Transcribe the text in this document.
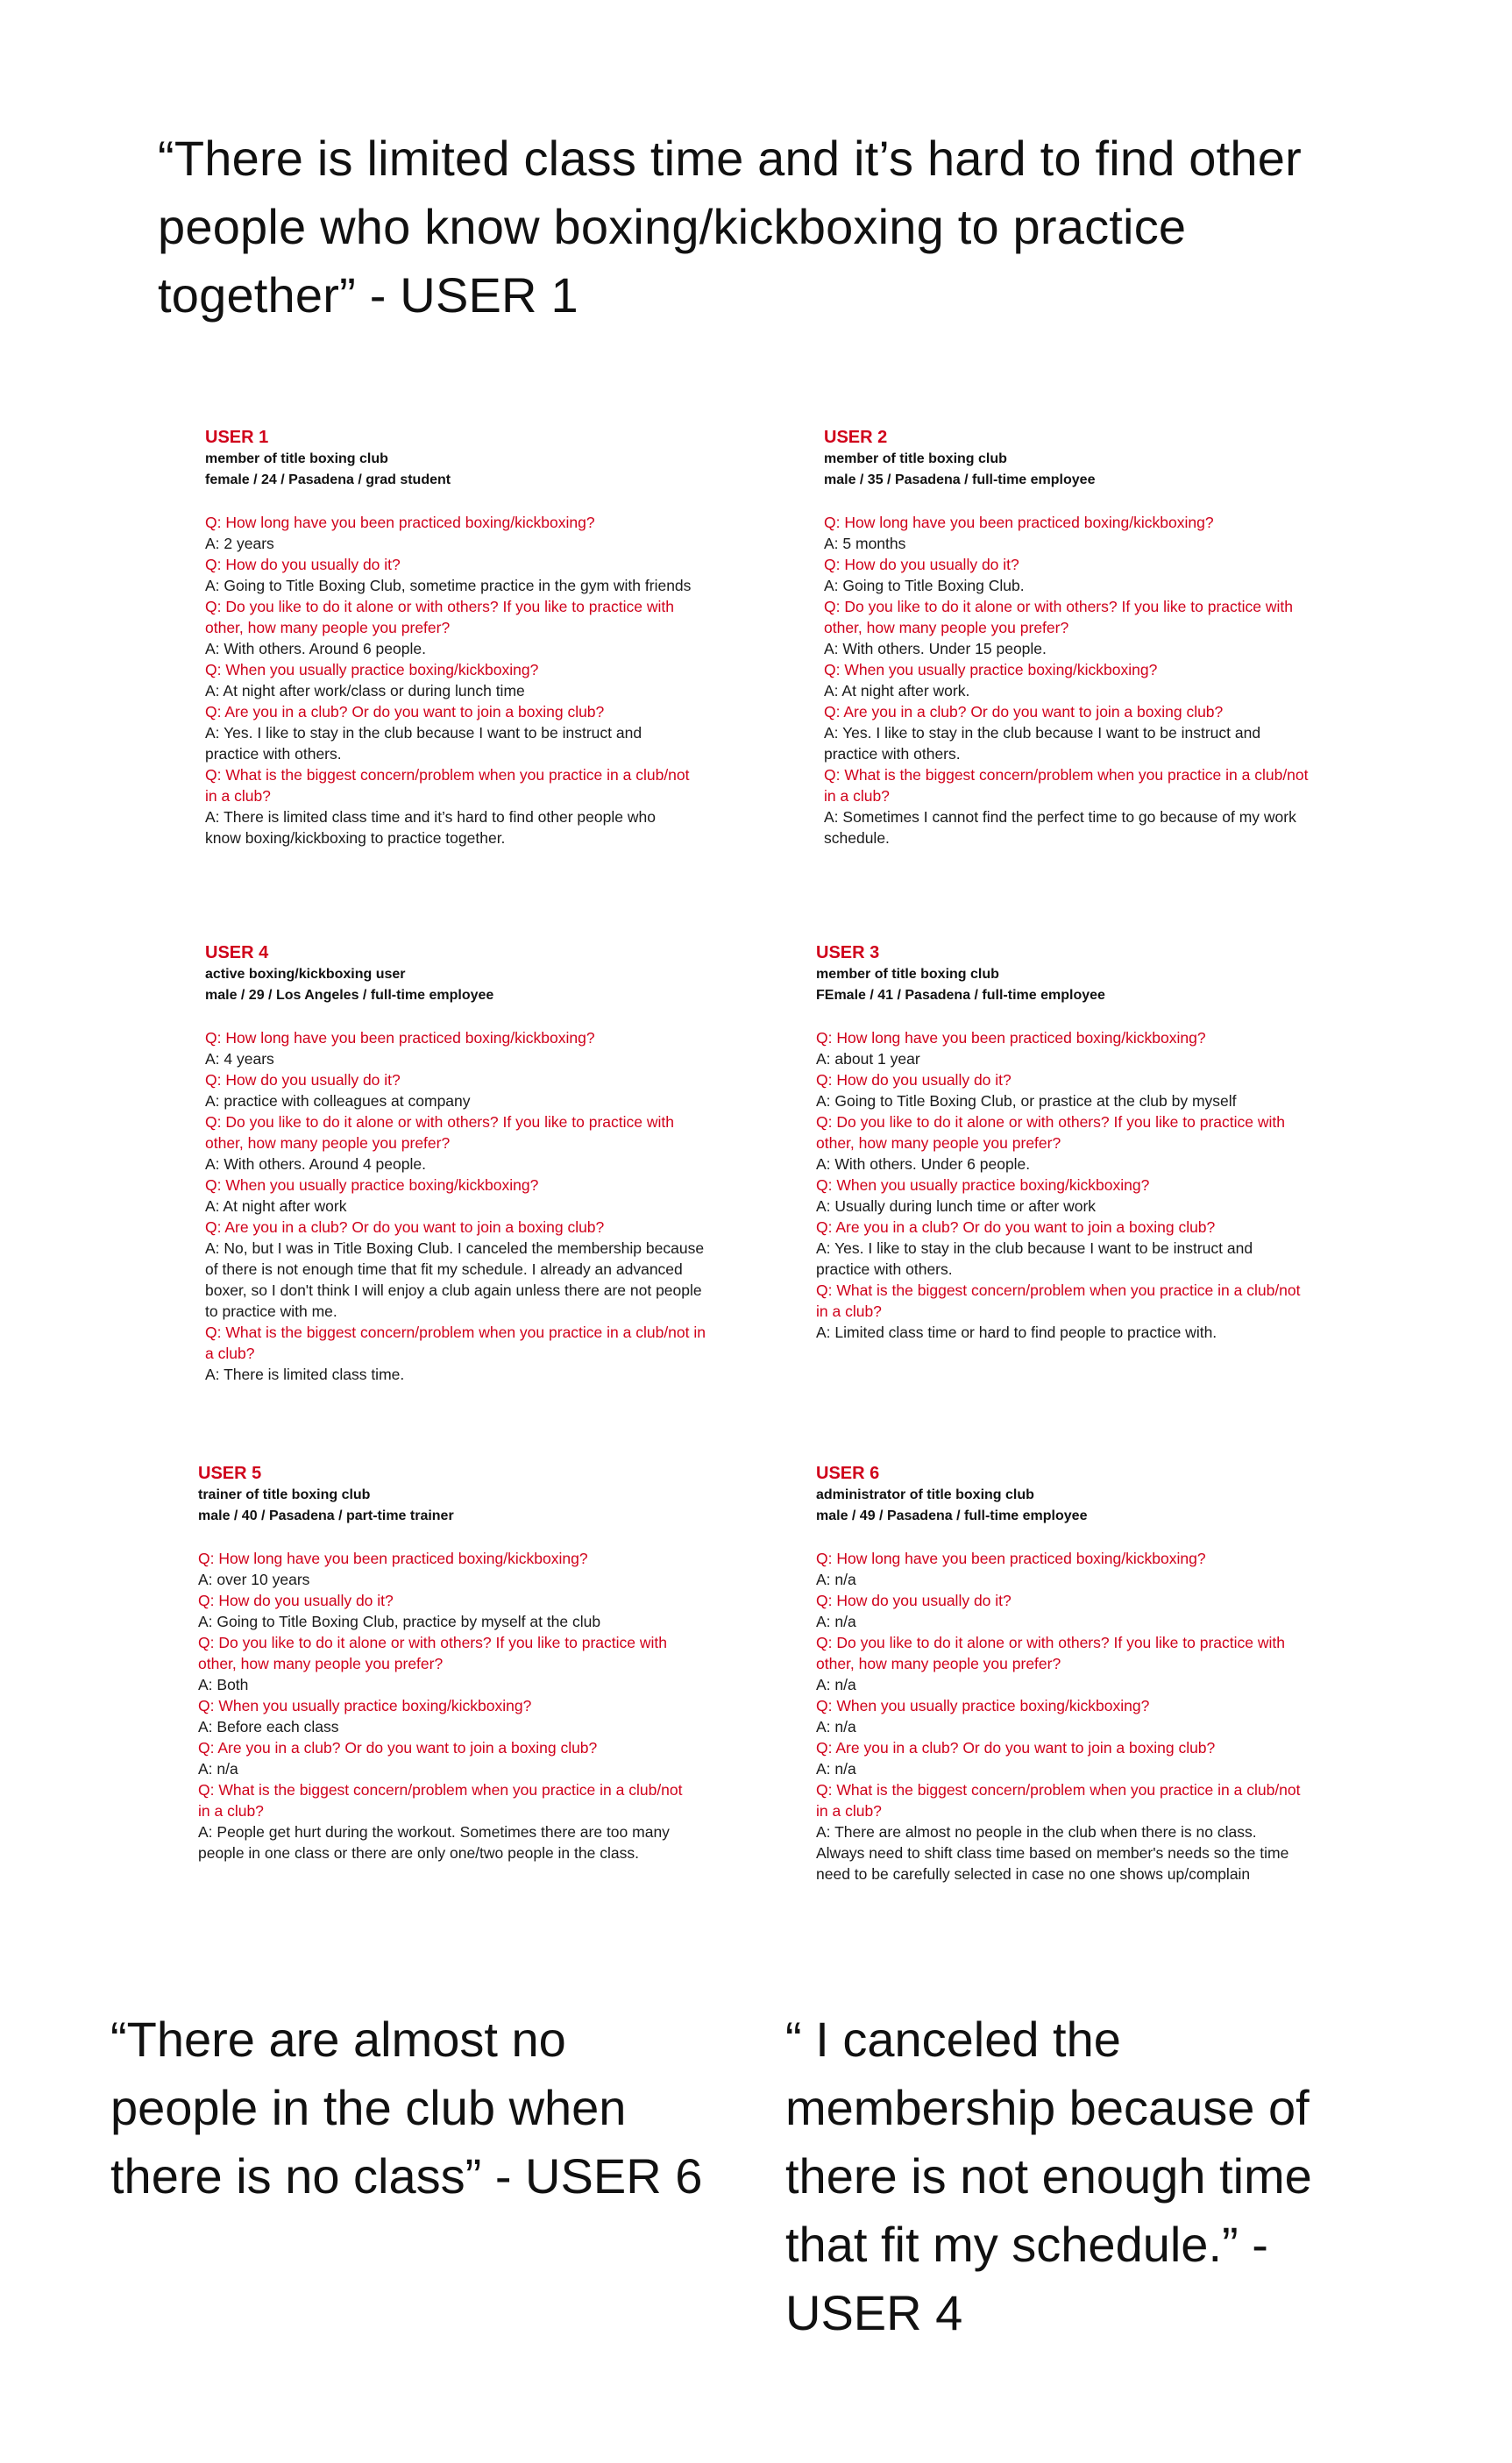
“There is limited class time and it’s hard to find other people who know boxing/kickboxing to practice together” - USER 1

USER 1
member of title boxing club
female / 24 / Pasadena / grad student
Q: How long have you been practiced boxing/kickboxing?
A: 2 years
Q: How do you usually do it?
A: Going to Title Boxing Club, sometime practice in the gym with friends
Q: Do you like to do it alone or with others? If you like to practice with other, how many people you prefer?
A: With others. Around 6 people.
Q: When you usually practice boxing/kickboxing?
A: At night after work/class or during lunch time
Q: Are you in a club? Or do you want to join a boxing club?
A: Yes. I like to stay in the club because I want to be instruct and practice with others.
Q: What is the biggest concern/problem when you practice in a club/not in a club?
A: There is limited class time and it’s hard to find other people who know boxing/kickboxing to practice together.
USER 2
member of title boxing club
male / 35 / Pasadena / full-time employee
Q: How long have you been practiced boxing/kickboxing?
A: 5 months
Q: How do you usually do it?
A: Going to Title Boxing Club.
Q: Do you like to do it alone or with others? If you like to practice with other, how many people you prefer?
A: With others. Under 15 people.
Q: When you usually practice boxing/kickboxing?
A: At night after work.
Q: Are you in a club? Or do you want to join a boxing club?
A: Yes. I like to stay in the club because I want to be instruct and practice with others.
Q: What is the biggest concern/problem when you practice in a club/not in a club?
A: Sometimes I cannot find the perfect time to go because of my work schedule.
USER 4
active boxing/kickboxing user
male / 29 / Los Angeles / full-time employee
Q: How long have you been practiced boxing/kickboxing?
A: 4 years
Q: How do you usually do it?
A: practice with colleagues at company
Q: Do you like to do it alone or with others? If you like to practice with other, how many people you prefer?
A: With others. Around 4 people.
Q: When you usually practice boxing/kickboxing?
A: At night after work
Q: Are you in a club? Or do you want to join a boxing club?
A: No, but I was in Title Boxing Club. I canceled the membership because of there is not enough time that fit my schedule. I already an advanced boxer, so I don't think I will enjoy a club again unless there are not people to practice with me.
Q: What is the biggest concern/problem when you practice in a club/not in a club?
A: There is limited class time.
USER 3
member of title boxing club
FEmale / 41 / Pasadena / full-time employee
Q: How long have you been practiced boxing/kickboxing?
A: about 1 year
Q: How do you usually do it?
A: Going to Title Boxing Club, or prastice at the club by myself
Q: Do you like to do it alone or with others? If you like to practice with other, how many people you prefer?
A: With others. Under 6 people.
Q: When you usually practice boxing/kickboxing?
A: Usually during lunch time or after work
Q: Are you in a club? Or do you want to join a boxing club?
A: Yes. I like to stay in the club because I want to be instruct and practice with others.
Q: What is the biggest concern/problem when you practice in a club/not in a club?
A: Limited class time or hard to find people to practice with.
USER 5
trainer of title boxing club
male / 40 / Pasadena / part-time trainer
Q: How long have you been practiced boxing/kickboxing?
A: over 10 years
Q: How do you usually do it?
A: Going to Title Boxing Club, practice by myself at the club
Q: Do you like to do it alone or with others? If you like to practice with other, how many people you prefer?
A: Both
Q: When you usually practice boxing/kickboxing?
A: Before each class
Q: Are you in a club? Or do you want to join a boxing club?
A: n/a
Q: What is the biggest concern/problem when you practice in a club/not in a club?
A: People get hurt during the workout. Sometimes there are too many people in one class or there are only one/two people in the class.
USER 6
administrator of title boxing club
male / 49 / Pasadena / full-time employee
Q: How long have you been practiced boxing/kickboxing?
A: n/a
Q: How do you usually do it?
A: n/a
Q: Do you like to do it alone or with others? If you like to practice with other, how many people you prefer?
A: n/a
Q: When you usually practice boxing/kickboxing?
A: n/a
Q: Are you in a club? Or do you want to join a boxing club?
A: n/a
Q: What is the biggest concern/problem when you practice in a club/not in a club?
A: There are almost no people in the club when there is no class. Always need to shift class time based on member's needs so the time need to be carefully selected in case no one shows up/complain

“There are almost no people in the club when there is no class” - USER 6

“ I canceled the membership because of there is not enough time that fit my schedule.” - USER 4
